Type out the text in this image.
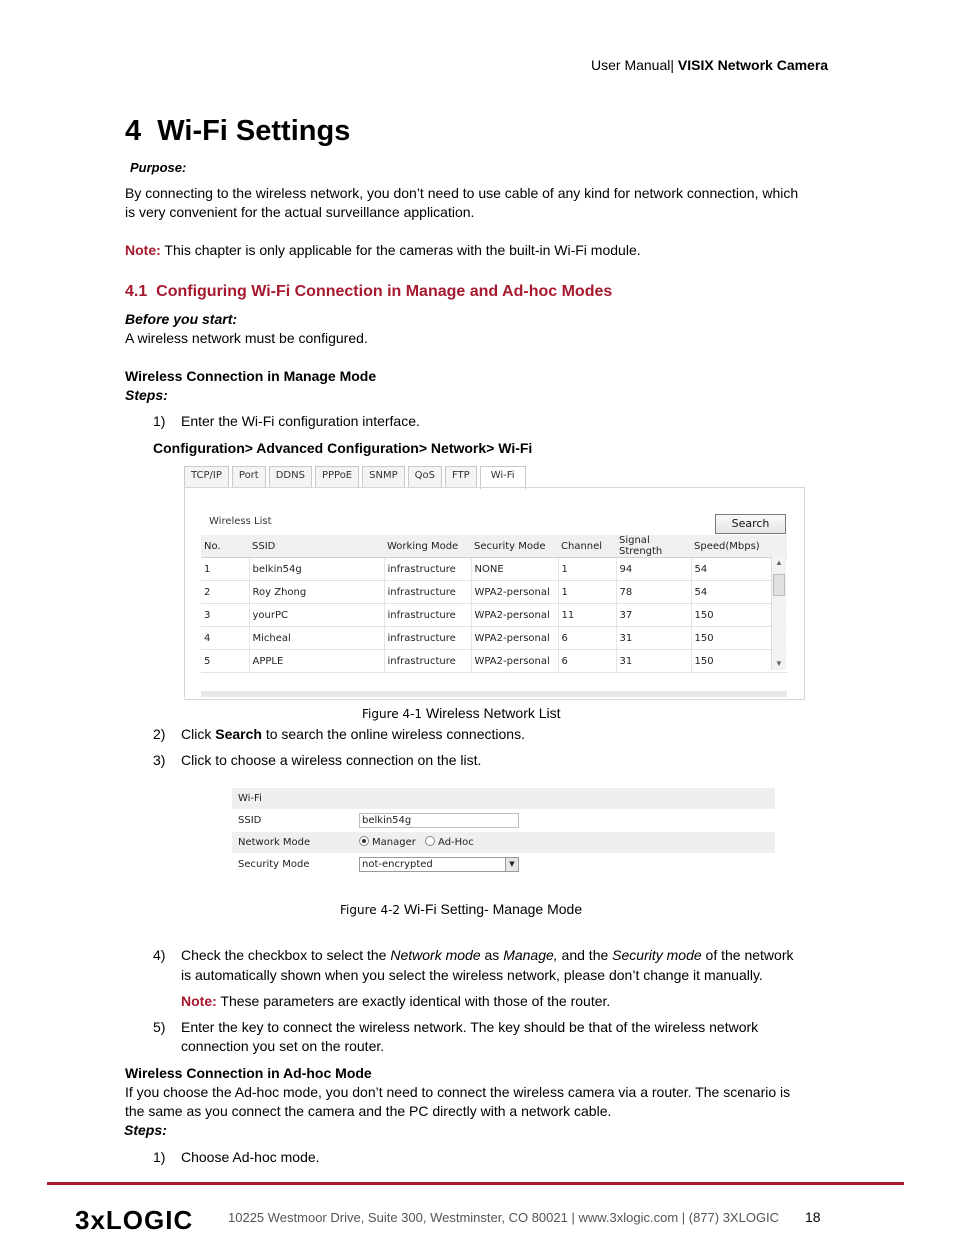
User Manual| VISIX Network Camera
4 Wi-Fi Settings
Purpose:
By connecting to the wireless network, you don’t need to use cable of any kind for network connection, which
is very convenient for the actual surveillance application.
Note: This chapter is only applicable for the cameras with the built-in Wi-Fi module.
4.1 Configuring Wi-Fi Connection in Manage and Ad-hoc Modes
Before you start:
A wireless network must be configured.
Wireless Connection in Manage Mode
Steps:
1) Enter the Wi-Fi configuration interface.
Configuration> Advanced Configuration> Network> Wi-Fi
TCP/IP	Port	DDNS	PPPoE	SNMP	QoS	FTP	Wi-Fi
Wireless List	Search
No.	SSID	Working Mode	Security Mode	Channel	Signal Strength	Speed(Mbps)
1	belkin54g	infrastructure	NONE	1	94	54
2	Roy Zhong	infrastructure	WPA2-personal	1	78	54
3	yourPC	infrastructure	WPA2-personal	11	37	150
4	Micheal	infrastructure	WPA2-personal	6	31	150
5	APPLE	infrastructure	WPA2-personal	6	31	150
▲
▼
Figure 4-1 Wireless Network List
2) Click Search to search the online wireless connections.
3) Click to choose a wireless connection on the list.
Wi-Fi
SSID	belkin54g
Network Mode	Manager Ad-Hoc
Security Mode	not-encrypted	▼
Figure 4-2 Wi-Fi Setting- Manage Mode
4) Check the checkbox to select the Network mode as Manage, and the Security mode of the network
is automatically shown when you select the wireless network, please don’t change it manually.
Note: These parameters are exactly identical with those of the router.
5) Enter the key to connect the wireless network. The key should be that of the wireless network
connection you set on the router.
Wireless Connection in Ad-hoc Mode
If you choose the Ad-hoc mode, you don’t need to connect the wireless camera via a router. The scenario is
the same as you connect the camera and the PC directly with a network cable.
Steps:
1) Choose Ad-hoc mode.
3xLOGIC	10225 Westmoor Drive, Suite 300, Westminster, CO 80021 | www.3xlogic.com | (877) 3XLOGIC 18
